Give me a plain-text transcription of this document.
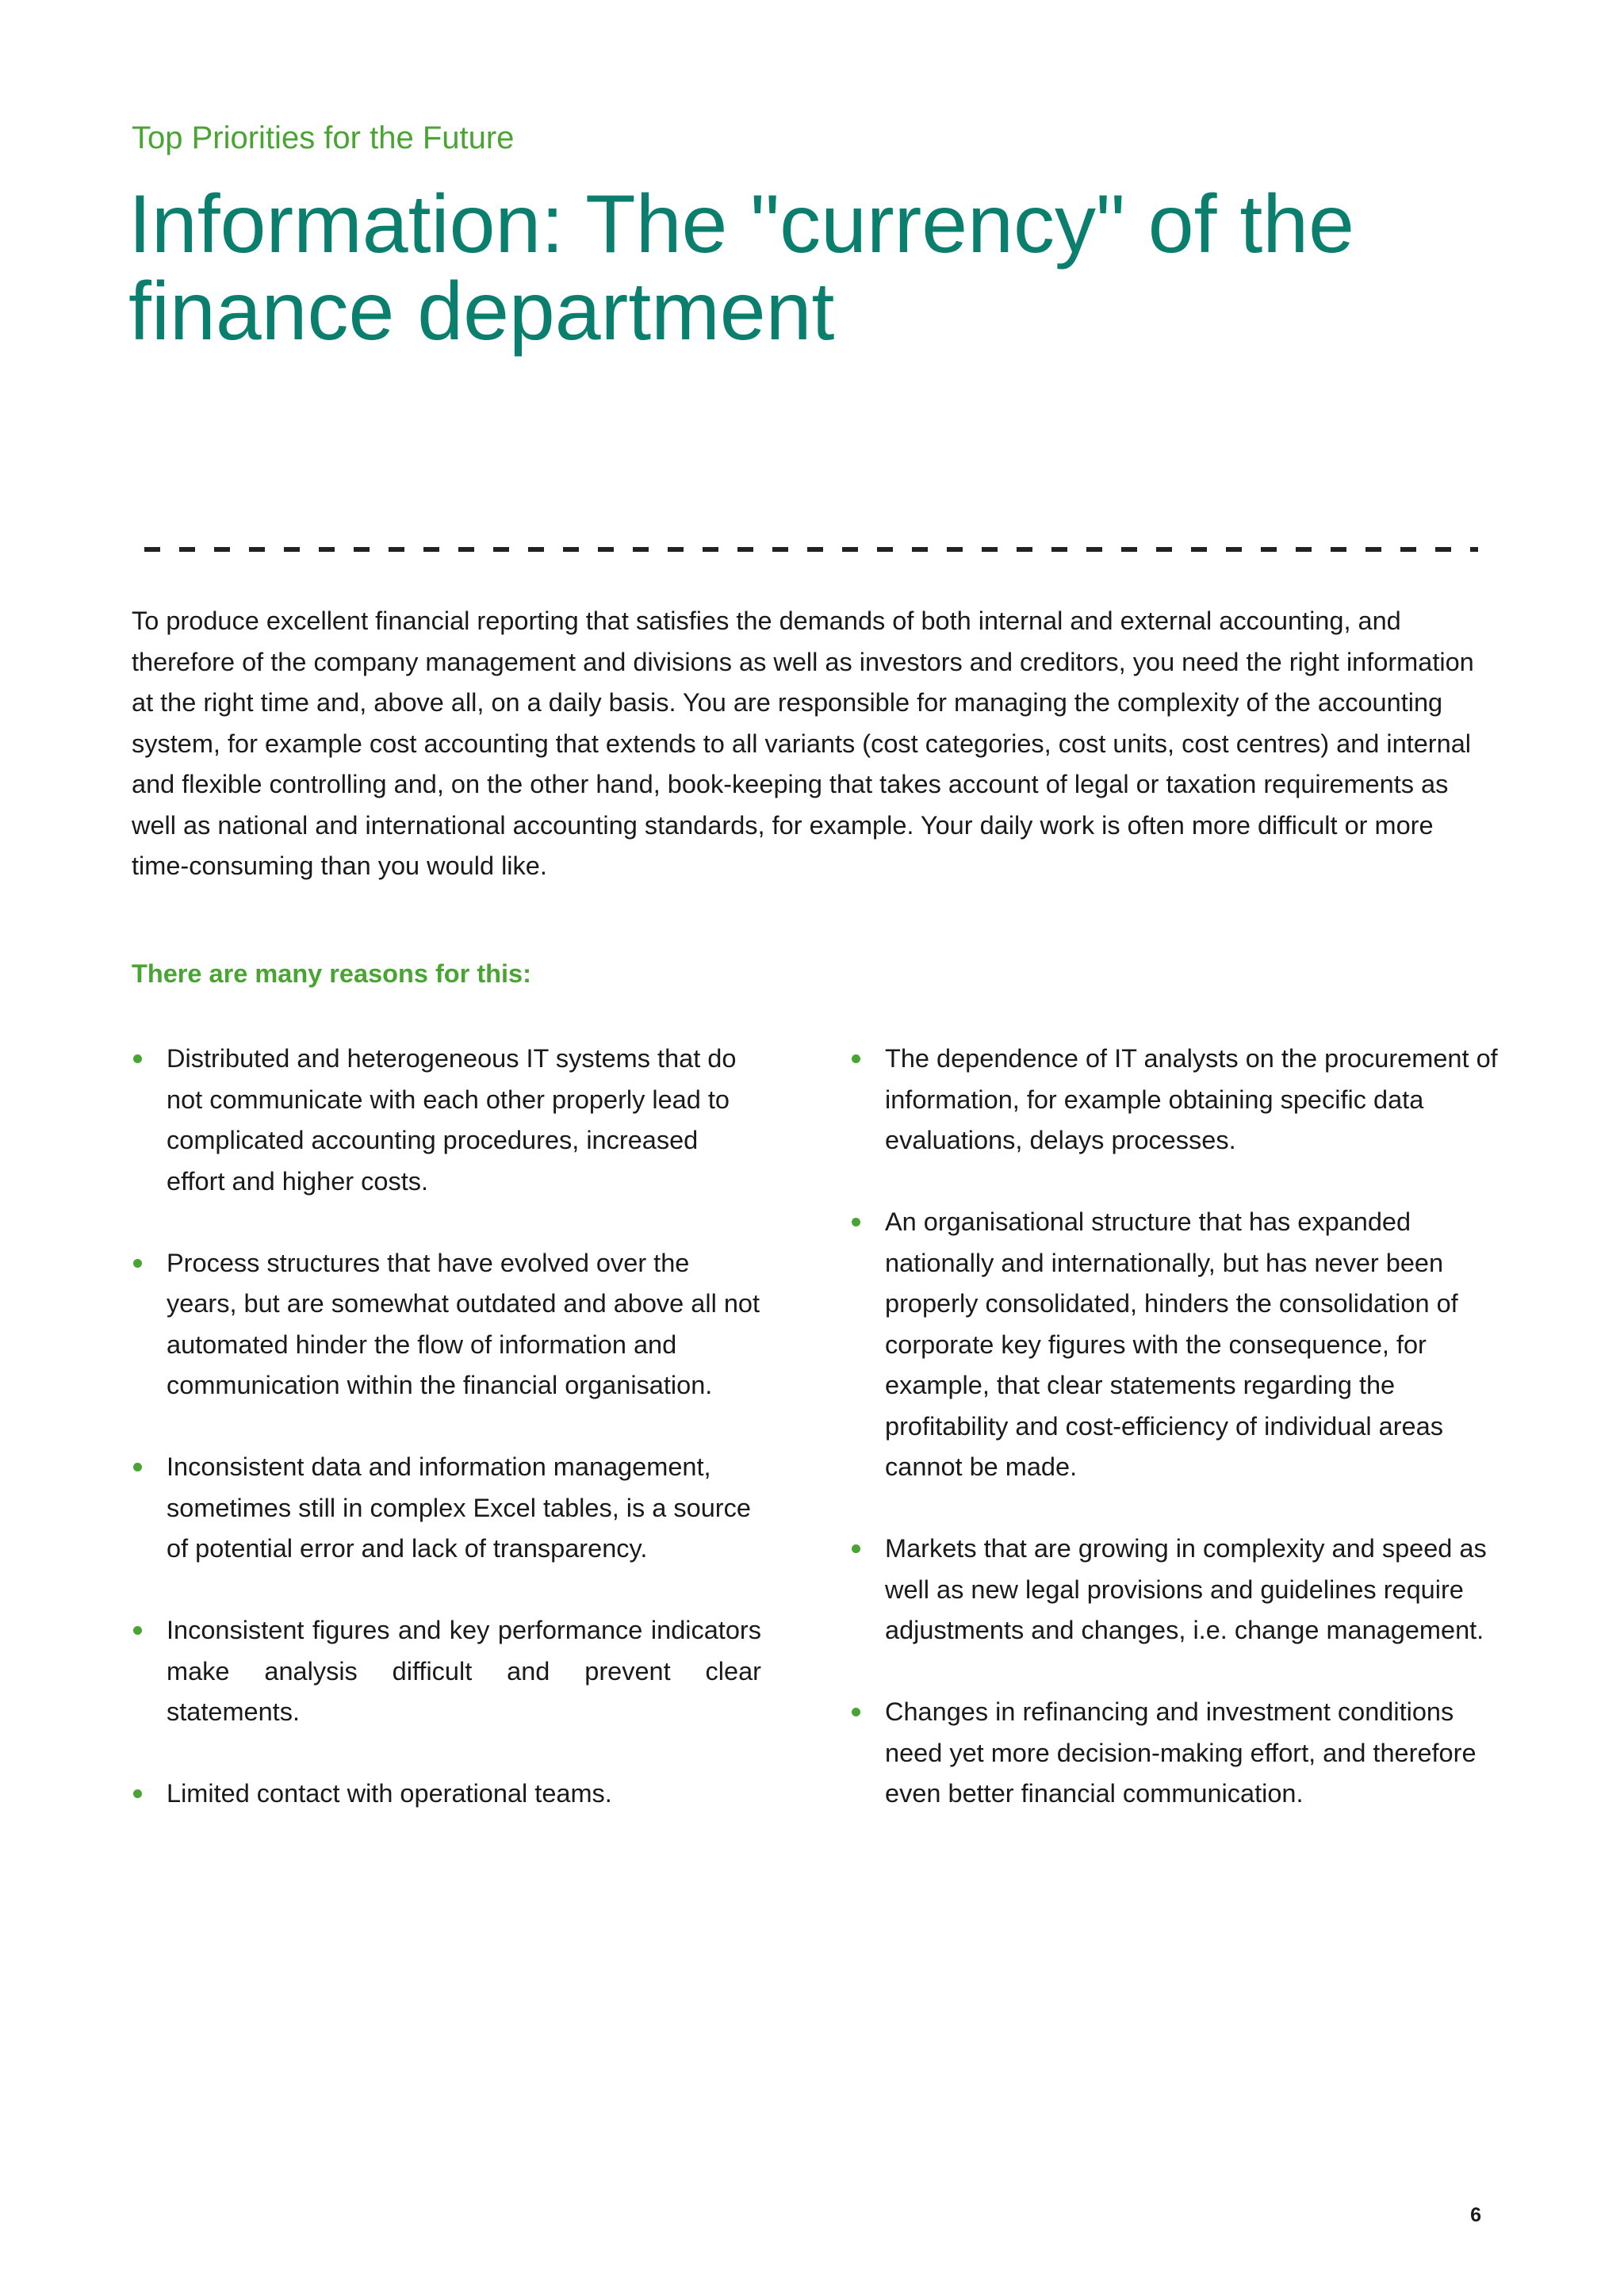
Top Priorities for the Future
Information: The "currency" of the finance department

To produce excellent financial reporting that satisfies the demands of both internal and external accounting, and therefore of the company management and divisions as well as investors and creditors, you need the right information at the right time and, above all, on a daily basis. You are responsible for managing the complexity of the accounting system, for example cost accounting that extends to all variants (cost categories, cost units, cost centres) and internal and flexible controlling and, on the other hand, book-keeping that takes account of legal or taxation requirements as well as national and international accounting standards, for example. Your daily work is often more difficult or more time-consuming than you would like.

There are many reasons for this:

Distributed and heterogeneous IT systems that do not communicate with each other properly lead to complicated accounting procedures, increased effort and higher costs.
Process structures that have evolved over the years, but are somewhat outdated and above all not automated hinder the flow of information and communication within the financial organisation.
Inconsistent data and information management, sometimes still in complex Excel tables, is a source of potential error and lack of transparency.
Inconsistent figures and key performance indicators make analysis difficult and prevent clear statements.
Limited contact with operational teams.
The dependence of IT analysts on the procurement of information, for example obtaining specific data evaluations, delays processes.
An organisational structure that has expanded nationally and internationally, but has never been properly consolidated, hinders the consolidation of corporate key figures with the consequence, for example, that clear statements regarding the profitability and cost-efficiency of individual areas cannot be made.
Markets that are growing in complexity and speed as well as new legal provisions and guidelines require adjustments and changes, i.e. change management.
Changes in refinancing and investment conditions need yet more decision-making effort, and therefore even better financial communication.
6
